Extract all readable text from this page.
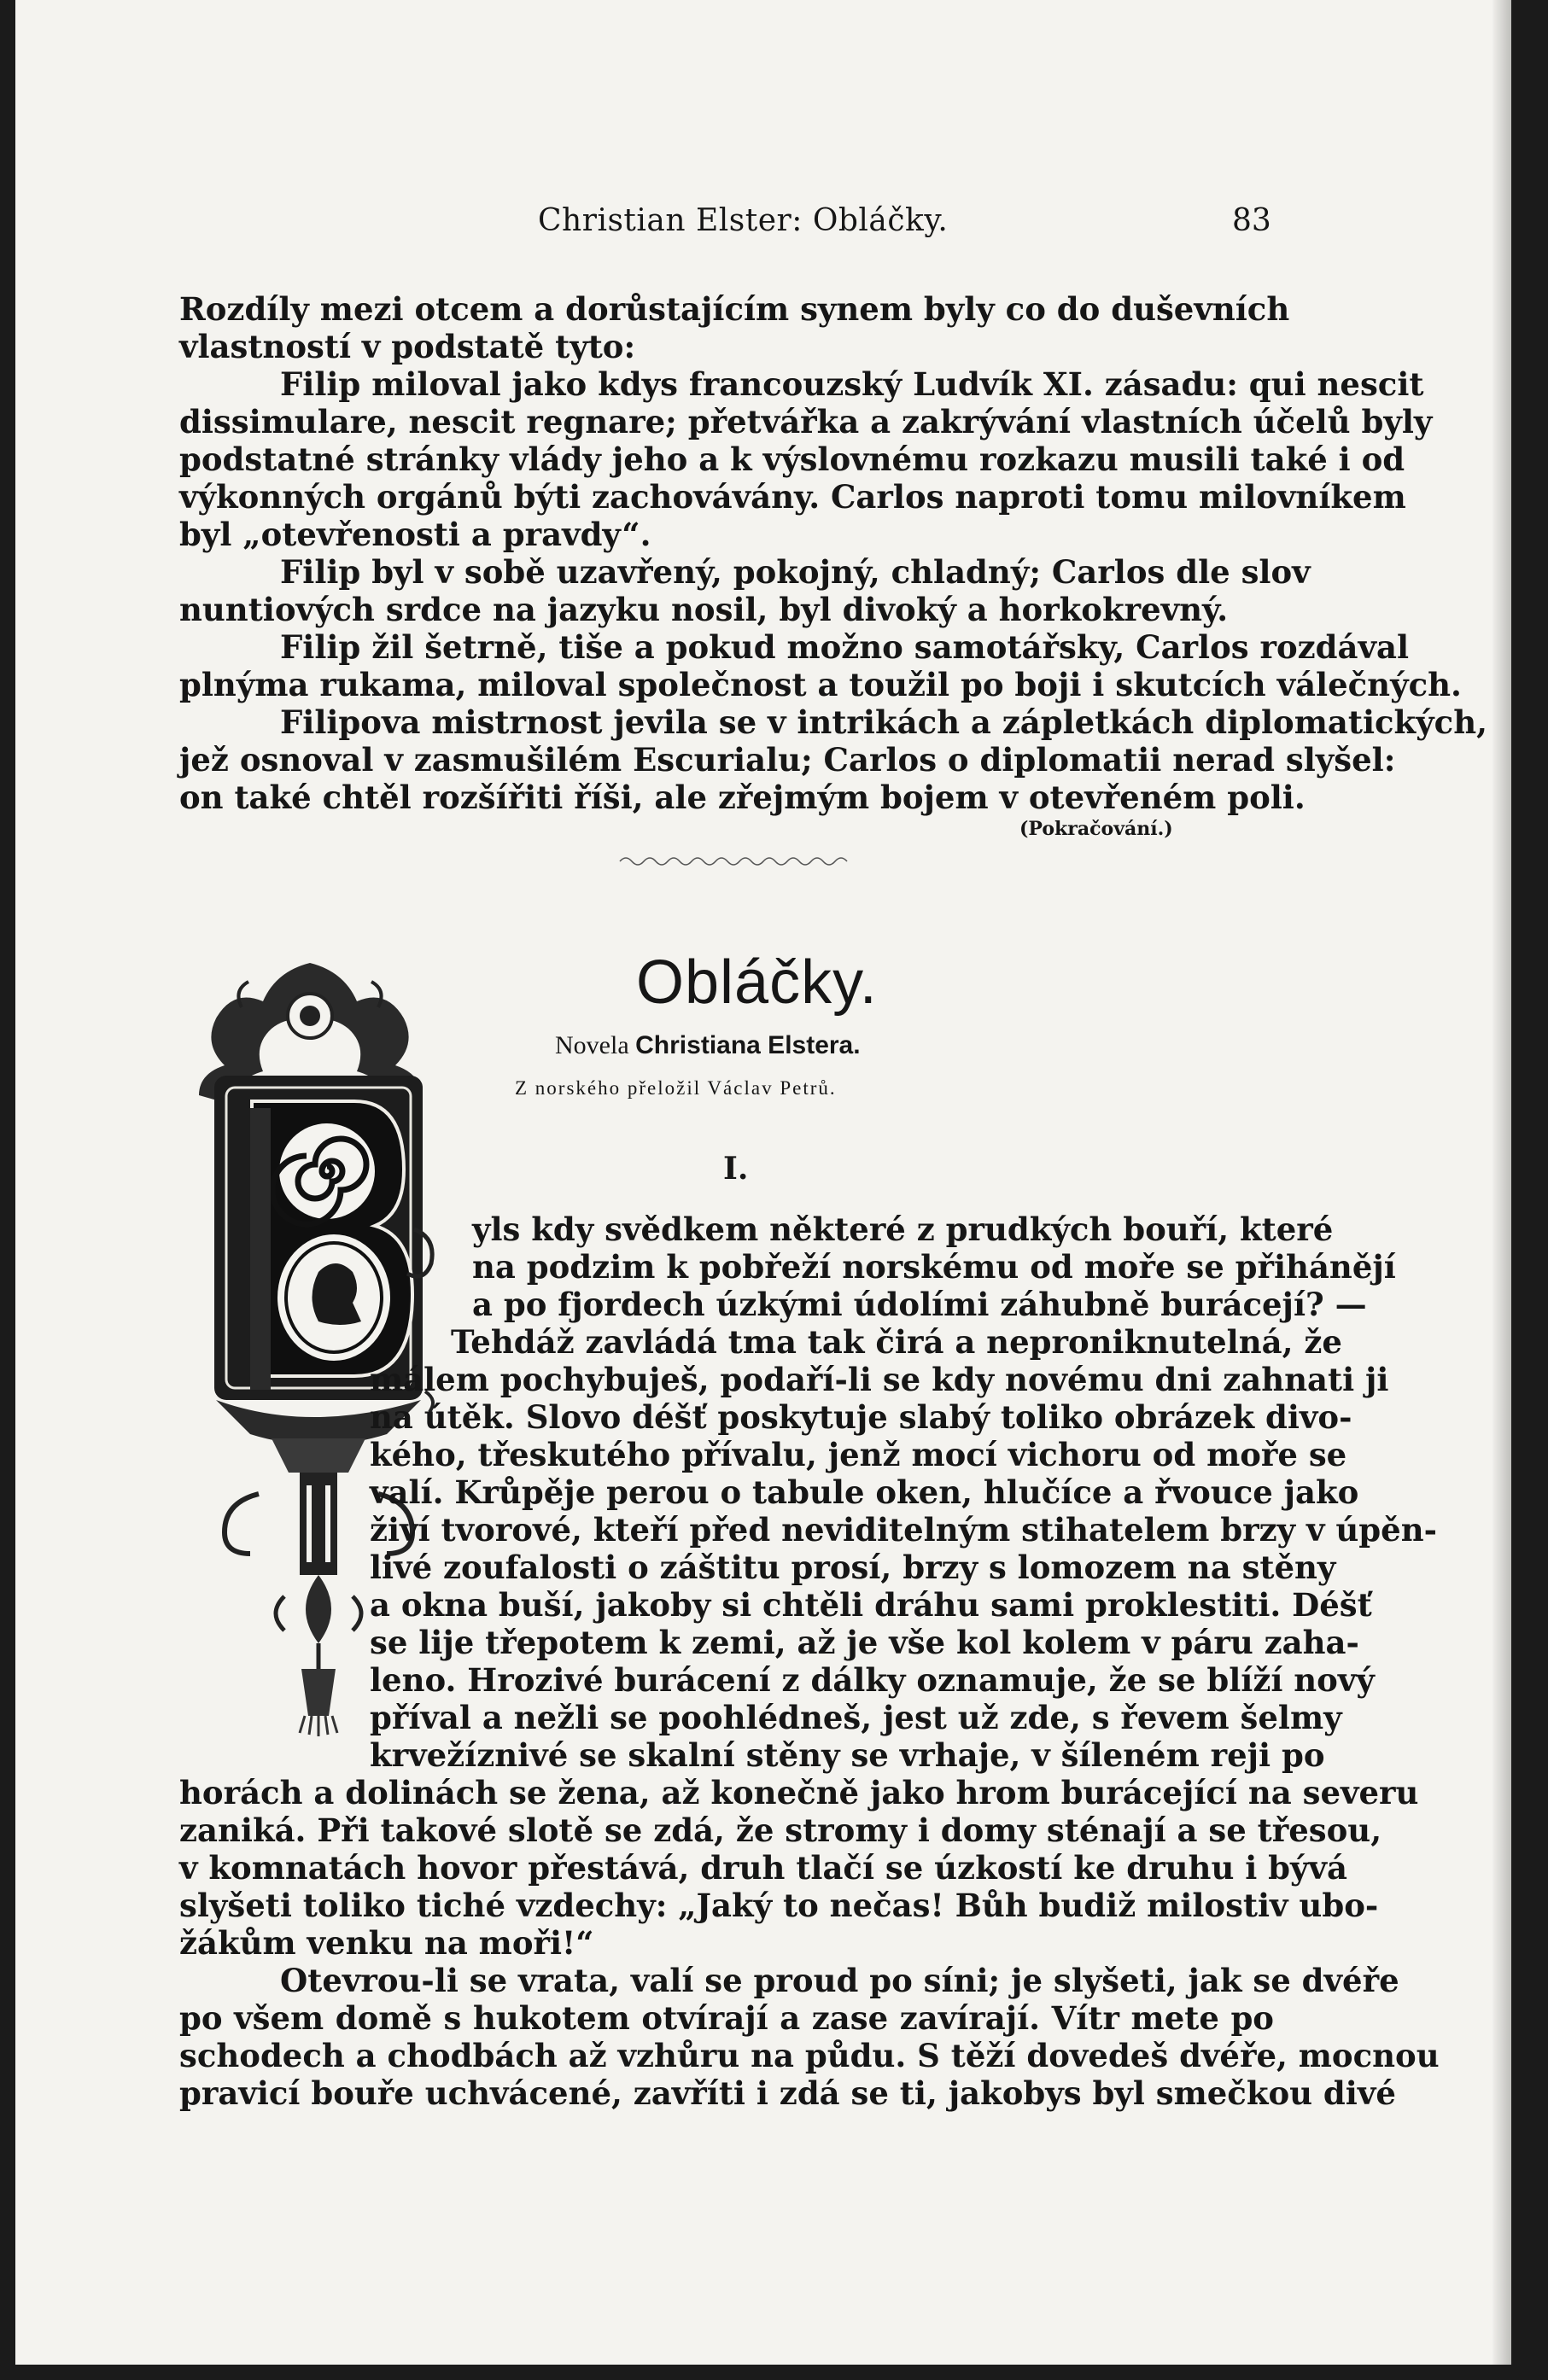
Christian Elster: Obláčky.	83
Rozdíly mezi otcem a dorůstajícím synem byly co do duševních
vlastností v podstatě tyto:
Filip miloval jako kdys francouzský Ludvík XI. zásadu: qui nescit
dissimulare, nescit regnare; přetvářka a zakrývání vlastních účelů byly
podstatné stránky vlády jeho a k výslovnému rozkazu musili také i od
výkonných orgánů býti zachovávány. Carlos naproti tomu milovníkem
byl „otevřenosti a pravdy“.
Filip byl v sobě uzavřený, pokojný, chladný; Carlos dle slov
nuntiových srdce na jazyku nosil, byl divoký a horkokrevný.
Filip žil šetrně, tiše a pokud možno samotářsky, Carlos rozdával
plnýma rukama, miloval společnost a toužil po boji i skutcích válečných.
Filipova mistrnost jevila se v intrikách a zápletkách diplomatických,
jež osnoval v zasmušilém Escurialu; Carlos o diplomatii nerad slyšel:
on také chtěl rozšířiti říši, ale zřejmým bojem v otevřeném poli.
(Pokračování.)
Obláčky.
Novela Christiana Elstera.
Z norského přeložil Václav Petrů.
I.
yls kdy svědkem některé z prudkých bouří, které
na podzim k pobřeží norskému od moře se přihánějí
a po fjordech úzkými údolími záhubně burácejí? —
Tehdáž zavládá tma tak čirá a neproniknutelná, že
málem pochybuješ, podaří-li se kdy novému dni zahnati ji
na útěk. Slovo déšť poskytuje slabý toliko obrázek divo-
kého, třeskutého přívalu, jenž mocí vichoru od moře se
valí. Krůpěje perou o tabule oken, hlučíce a řvouce jako
živí tvorové, kteří před neviditelným stihatelem brzy v úpěn-
livé zoufalosti o záštitu prosí, brzy s lomozem na stěny
a okna buší, jakoby si chtěli dráhu sami proklestiti. Déšť
se lije třepotem k zemi, až je vše kol kolem v páru zaha-
leno. Hrozivé burácení z dálky oznamuje, že se blíží nový
příval a nežli se poohlédneš, jest už zde, s řevem šelmy
krvežíznivé se skalní stěny se vrhaje, v šíleném reji po
horách a dolinách se žena, až konečně jako hrom burácející na severu
zaniká. Při takové slotě se zdá, že stromy i domy sténají a se třesou,
v komnatách hovor přestává, druh tlačí se úzkostí ke druhu i bývá
slyšeti toliko tiché vzdechy: „Jaký to nečas! Bůh budiž milostiv ubo-
žákům venku na moři!“
Otevrou-li se vrata, valí se proud po síni; je slyšeti, jak se dvéře
po všem domě s hukotem otvírají a zase zavírají. Vítr mete po
schodech a chodbách až vzhůru na půdu. S těží dovedeš dvéře, mocnou
pravicí bouře uchvácené, zavříti i zdá se ti, jakobys byl smečkou divé
